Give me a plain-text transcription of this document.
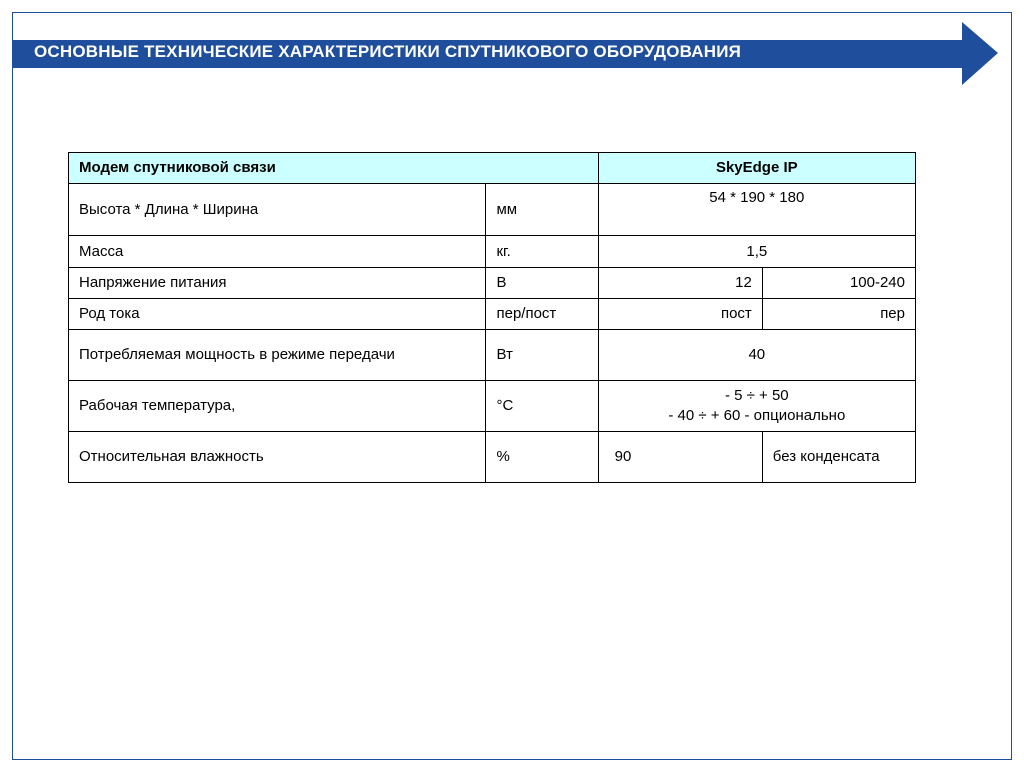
ОСНОВНЫЕ ТЕХНИЧЕСКИЕ ХАРАКТЕРИСТИКИ СПУТНИКОВОГО ОБОРУДОВАНИЯ
Модем спутниковой связи		SkyEdge IP	
Высота * Длина * Ширина	мм	54 * 190 * 180	
Масса	кг.	1,5	
Напряжение питания	В	12	100-240
Род тока	пер/пост	пост	пер
Потребляемая мощность в режиме передачи	Вт	40	
Рабочая температура,	°С	- 5 ÷ + 50
- 40 ÷ + 60 - опционально	

Относительная влажность	%	90	без конденсата
